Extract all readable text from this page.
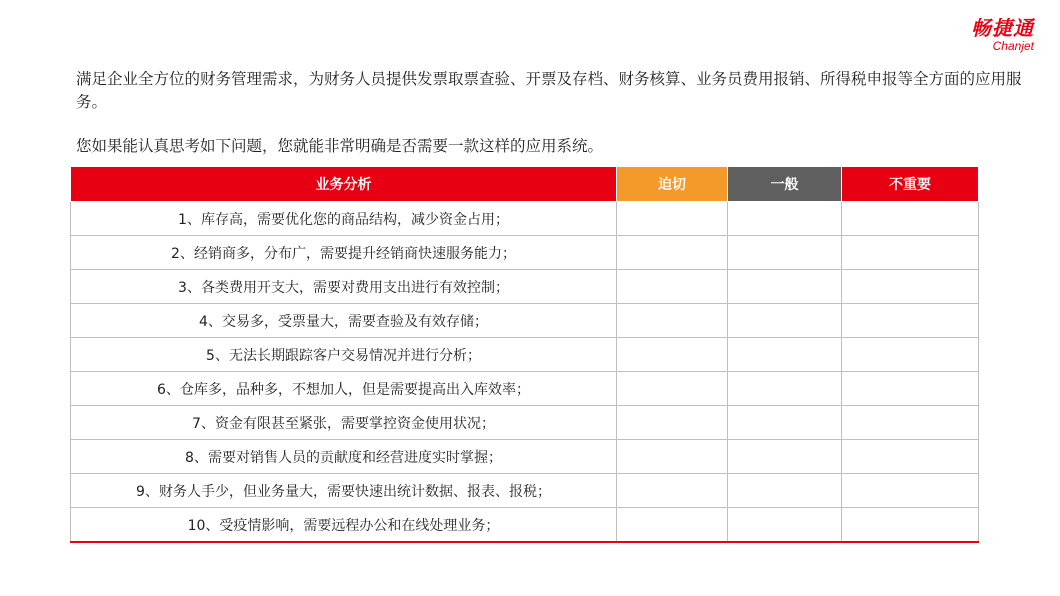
畅捷通
Chanjet

满足企业全方位的财务管理需求，为财务人员提供发票取票查验、开票及存档、财务核算、业务员费用报销、所得税申报等全方面的应用服务。

您如果能认真思考如下问题，您就能非常明确是否需要一款这样的应用系统。

业务分析	迫切	一般	不重要
1、库存高，需要优化您的商品结构，减少资金占用；			
2、经销商多，分布广，需要提升经销商快速服务能力；			
3、各类费用开支大，需要对费用支出进行有效控制；			
4、交易多，受票量大，需要查验及有效存储；			
5、无法长期跟踪客户交易情况并进行分析；			
6、仓库多，品种多，不想加人，但是需要提高出入库效率；			
7、资金有限甚至紧张，需要掌控资金使用状况；			
8、需要对销售人员的贡献度和经营进度实时掌握；			
9、财务人手少，但业务量大，需要快速出统计数据、报表、报税；			
10、受疫情影响，需要远程办公和在线处理业务；			
